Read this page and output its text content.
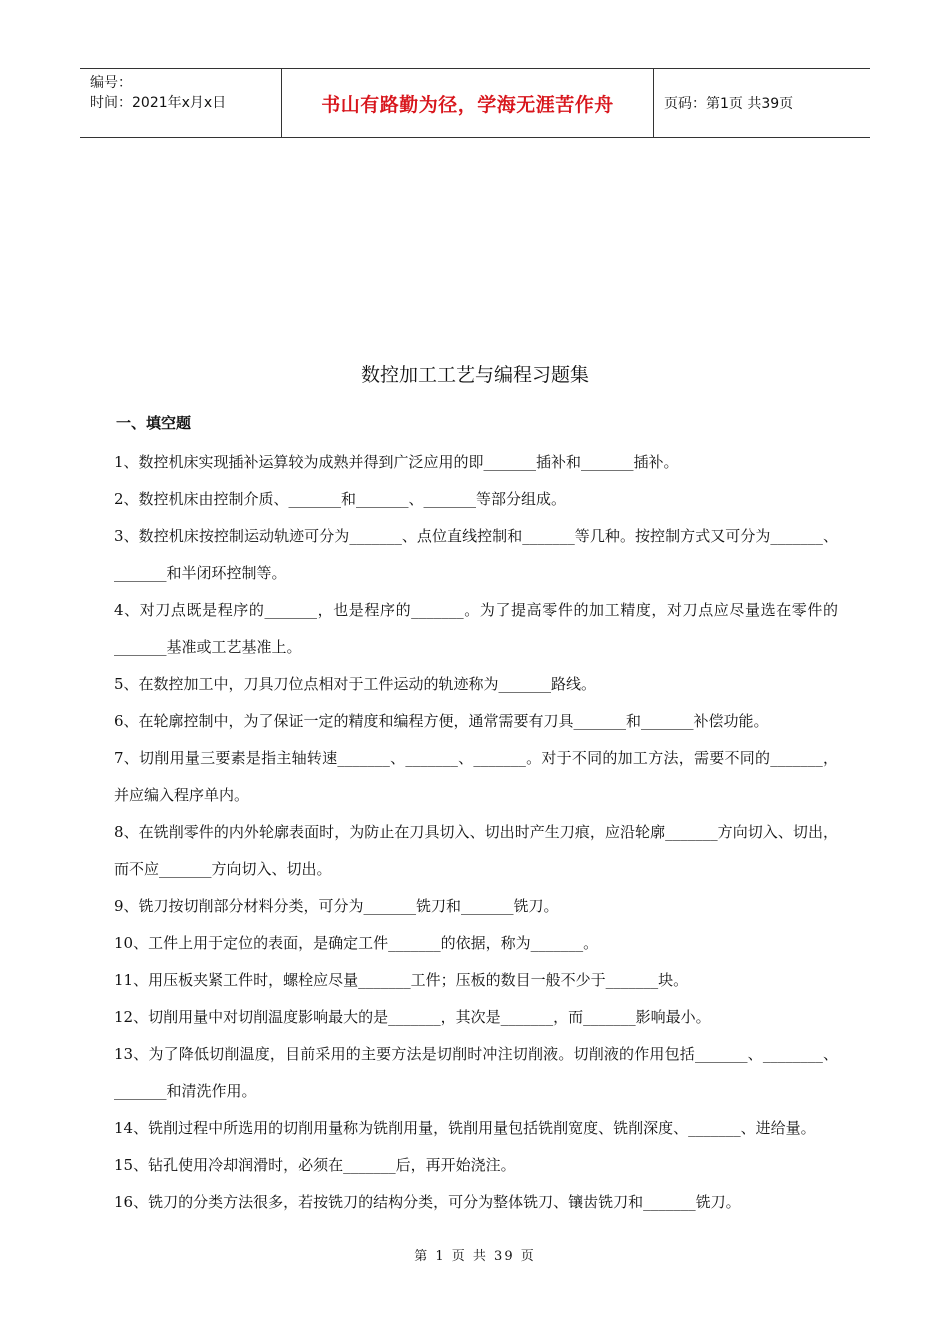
编号：
时间：2021年x月x日	书山有路勤为径，学海无涯苦作舟	页码：第1页 共39页
数控加工工艺与编程习题集
一、填空题

1、数控机床实现插补运算较为成熟并得到广泛应用的即_______插补和_______插补。

2、数控机床由控制介质、_______和_______、_______等部分组成。

3、数控机床按控制运动轨迹可分为_______、点位直线控制和_______等几种。按控制方式又可分为_______、_______和半闭环控制等。

4、对刀点既是程序的_______，也是程序的_______。为了提高零件的加工精度，对刀点应尽量选在零件的_______基准或工艺基准上。

5、在数控加工中，刀具刀位点相对于工件运动的轨迹称为_______路线。

6、在轮廓控制中，为了保证一定的精度和编程方便，通常需要有刀具_______和_______补偿功能。

7、切削用量三要素是指主轴转速_______、_______、_______。对于不同的加工方法，需要不同的_______，并应编入程序单内。

8、在铣削零件的内外轮廓表面时，为防止在刀具切入、切出时产生刀痕，应沿轮廓_______方向切入、切出，而不应_______方向切入、切出。

9、铣刀按切削部分材料分类，可分为_______铣刀和_______铣刀。

10、工件上用于定位的表面，是确定工件_______的依据，称为_______。

11、用压板夹紧工件时，螺栓应尽量_______工件；压板的数目一般不少于_______块。

12、切削用量中对切削温度影响最大的是_______，其次是_______，而_______影响最小。

13、为了降低切削温度，目前采用的主要方法是切削时冲注切削液。切削液的作用包括_______、________、_______和清洗作用。

14、铣削过程中所选用的切削用量称为铣削用量，铣削用量包括铣削宽度、铣削深度、_______、进给量。

15、钻孔使用冷却润滑时，必须在_______后，再开始浇注。

16、铣刀的分类方法很多，若按铣刀的结构分类，可分为整体铣刀、镶齿铣刀和_______铣刀。

第 1 页 共 39 页
